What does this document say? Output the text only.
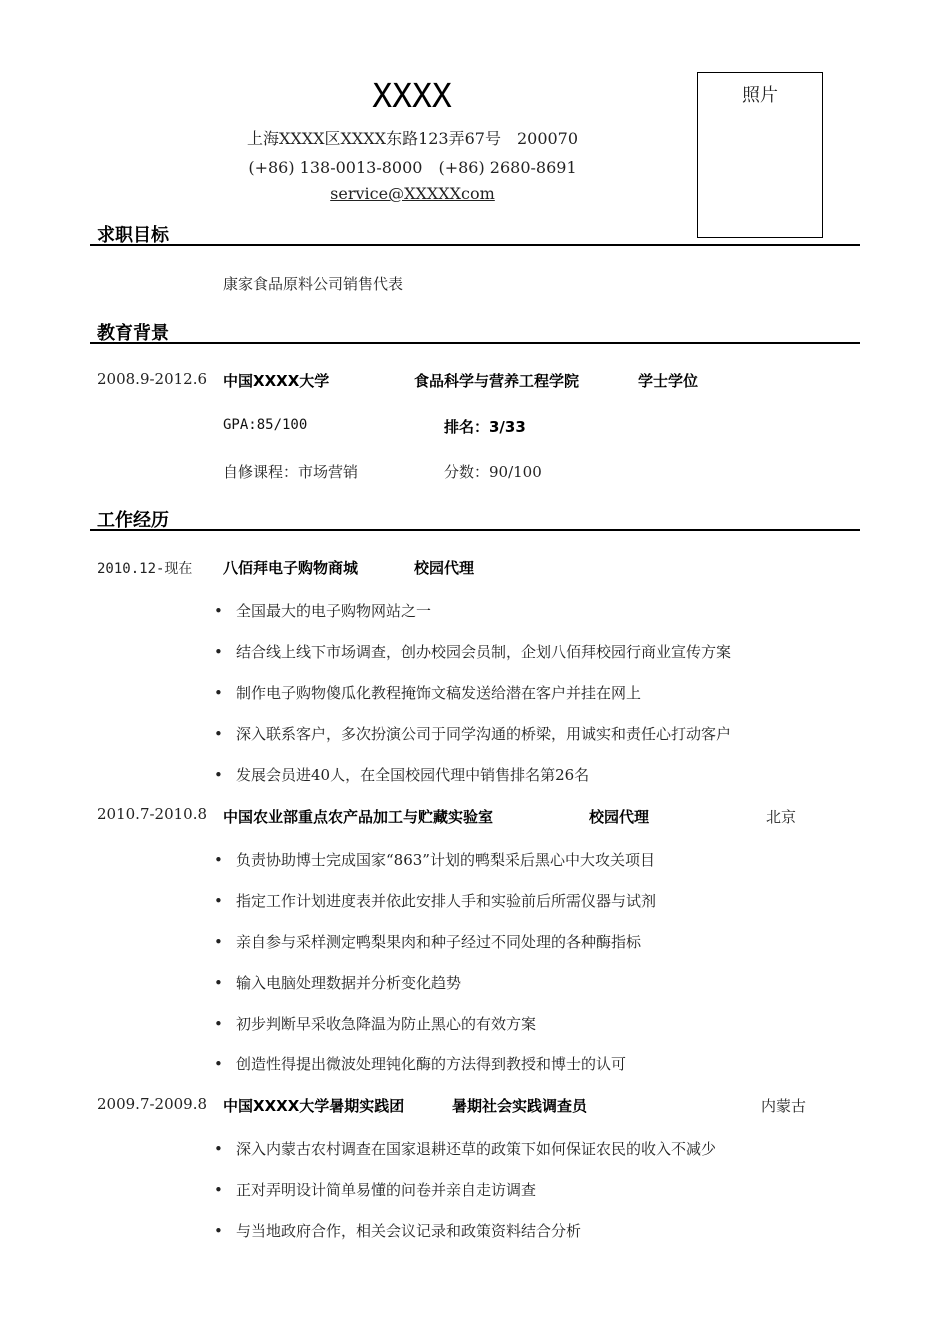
XXXX
上海XXXX区XXXX东路123弄67号　200070
(+86) 138-0013-8000　(+86) 2680-8691
service@XXXXXcom
照片
求职目标
康家食品原料公司销售代表
教育背景
2008.9-2012.6 中国XXXX大学	食品科学与营养工程学院	学士学位
GPA:85/100	排名：3/33
自修课程：市场营销	分数：90/100
工作经历
2010.12-现在 八佰拜电子购物商城	校园代理
• 全国最大的电子购物网站之一
• 结合线上线下市场调查，创办校园会员制，企划八佰拜校园行商业宣传方案
• 制作电子购物傻瓜化教程掩饰文稿发送给潜在客户并挂在网上
• 深入联系客户，多次扮演公司于同学沟通的桥梁，用诚实和责任心打动客户
• 发展会员进40人，在全国校园代理中销售排名第26名
2010.7-2010.8 中国农业部重点农产品加工与贮藏实验室	校园代理	北京
• 负责协助博士完成国家“863”计划的鸭梨采后黑心中大攻关项目
• 指定工作计划进度表并依此安排人手和实验前后所需仪器与试剂
• 亲自参与采样测定鸭梨果肉和种子经过不同处理的各种酶指标
• 输入电脑处理数据并分析变化趋势
• 初步判断早采收急降温为防止黑心的有效方案
• 创造性得提出微波处理钝化酶的方法得到教授和博士的认可
2009.7-2009.8 中国XXXX大学暑期实践团	暑期社会实践调查员	内蒙古
• 深入内蒙古农村调查在国家退耕还草的政策下如何保证农民的收入不减少
• 正对弄明设计简单易懂的问卷并亲自走访调查
• 与当地政府合作，相关会议记录和政策资料结合分析
